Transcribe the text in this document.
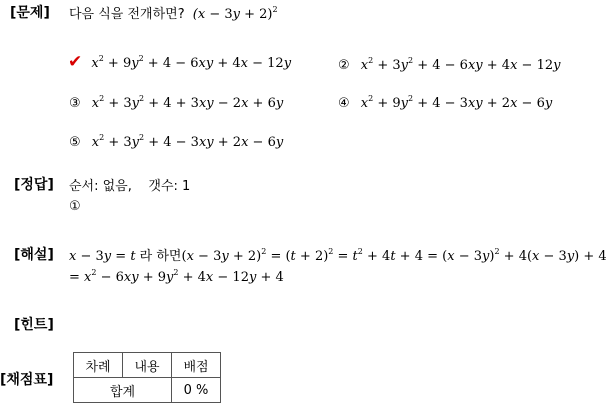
[문제] 다음 식을 전개하면? $(x - 3y + 2)^2$
✔ $x^2 + 9y^2 + 4 - 6xy + 4x - 12y$	② $x^2 + 3y^2 + 4 - 6xy + 4x - 12y$
③ $x^2 + 3y^2 + 4 + 3xy - 2x + 6y$	④ $x^2 + 9y^2 + 4 - 3xy + 2x - 6y$
⑤ $x^2 + 3y^2 + 4 - 3xy + 2x - 6y$
[정답] 순서: 없음,    갯수: 1
①
[해설] x − 3y = t 라 하면$(x - 3y + 2)^2 = (t + 2)^2 = t^2 + 4t + 4 = (x - 3y)^2 + 4(x - 3y) + 4$
= $x^2 - 6xy + 9y^2 + 4x - 12y + 4$
[힌트]
[채점표]
차례	내용	배점
합계		0 %
